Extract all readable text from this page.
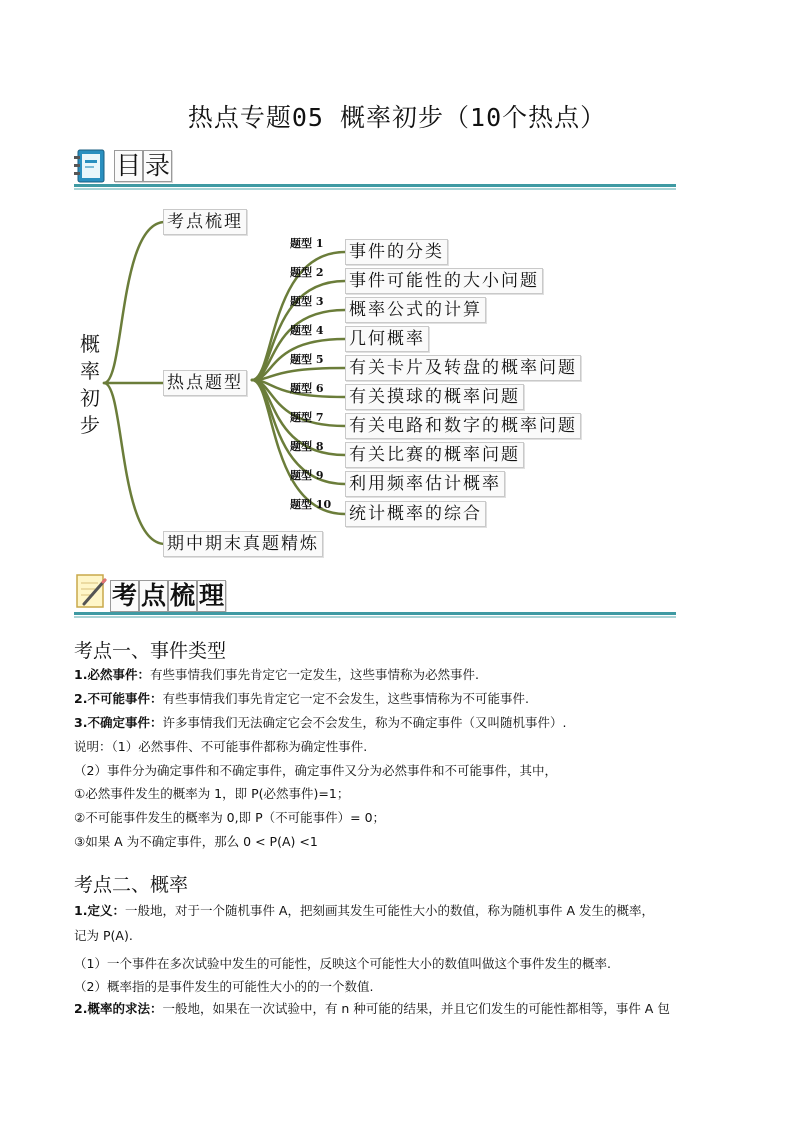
热点专题05 概率初步（10个热点）
目 录
概
率
初
步
考点梳理
热点题型
期中期末真题精炼
题型 1 事件的分类
题型 2 事件可能性的大小问题
题型 3 概率公式的计算
题型 4 几何概率
题型 5 有关卡片及转盘的概率问题
题型 6 有关摸球的概率问题
题型 7 有关电路和数字的概率问题
题型 8 有关比赛的概率问题
题型 9 利用频率估计概率
题型 10 统计概率的综合
考 点 梳 理
考点一、事件类型
1.必然事件：有些事情我们事先肯定它一定发生，这些事情称为必然事件.
2.不可能事件：有些事情我们事先肯定它一定不会发生，这些事情称为不可能事件.
3.不确定事件：许多事情我们无法确定它会不会发生，称为不确定事件（又叫随机事件）.
说明：（1）必然事件、不可能事件都称为确定性事件.
（2）事件分为确定事件和不确定事件，确定事件又分为必然事件和不可能事件，其中，
①必然事件发生的概率为 1，即 P(必然事件)=1；
②不可能事件发生的概率为 0,即 P（不可能事件）= 0；
③如果 A 为不确定事件，那么 0 < P(A) <1
考点二、概率
1.定义：一般地，对于一个随机事件 A，把刻画其发生可能性大小的数值，称为随机事件 A 发生的概率，
记为 P(A).
（1）一个事件在多次试验中发生的可能性，反映这个可能性大小的数值叫做这个事件发生的概率.
（2）概率指的是事件发生的可能性大小的的一个数值.
2.概率的求法：一般地，如果在一次试验中，有 n 种可能的结果，并且它们发生的可能性都相等，事件 A 包
